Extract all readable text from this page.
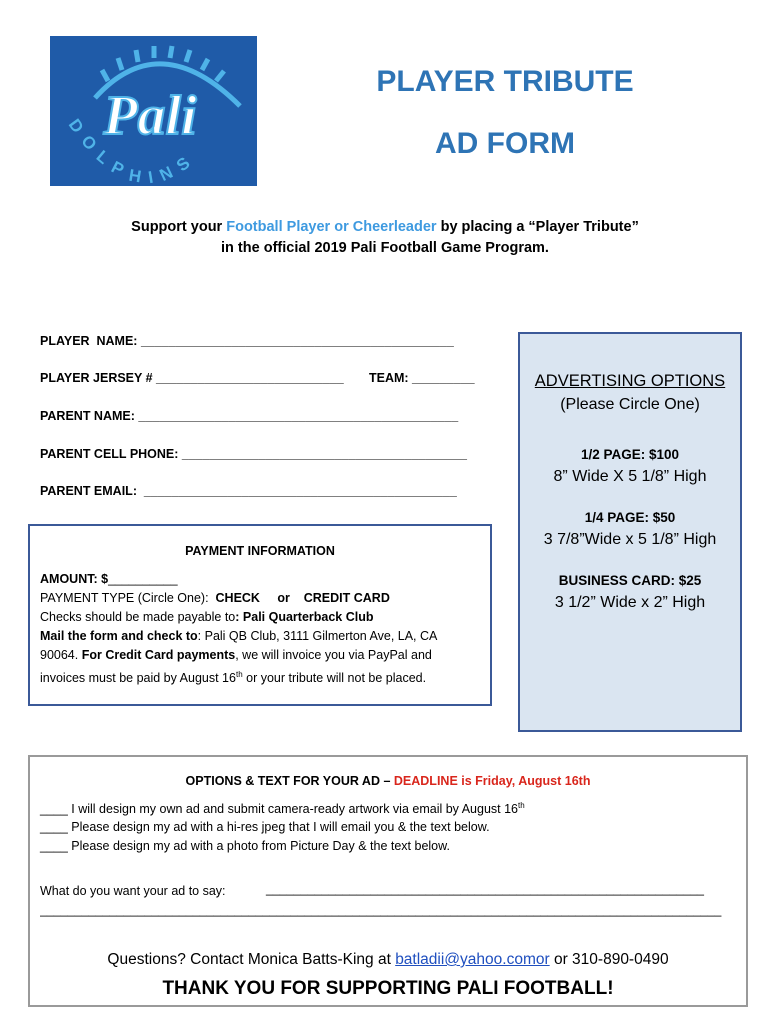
Pali
DOLPHINS
PLAYER TRIBUTE
AD FORM
Support your Football Player or Cheerleader by placing a “Player Tribute”
in the official 2019 Pali Football Game Program.
PLAYER  NAME: _____________________________________________
PLAYER JERSEY # ___________________________ TEAM: _________
PARENT NAME: ______________________________________________
PARENT CELL PHONE: _________________________________________
PARENT EMAIL:  _____________________________________________
PAYMENT INFORMATION
AMOUNT: $__________
PAYMENT TYPE (Circle One):  CHECK     or    CREDIT CARD
Checks should be made payable to: Pali Quarterback Club
Mail the form and check to: Pali QB Club, 3111 Gilmerton Ave, LA, CA
90064. For Credit Card payments, we will invoice you via PayPal and
invoices must be paid by August 16th or your tribute will not be placed.
ADVERTISING OPTIONS
(Please Circle One)
1/2 PAGE: $100
8” Wide X 5 1/8” High
1/4 PAGE: $50
3 7/8”Wide x 5 1/8” High
BUSINESS CARD: $25
3 1/2” Wide x 2” High
OPTIONS & TEXT FOR YOUR AD – DEADLINE is Friday, August 16th
____ I will design my own ad and submit camera-ready artwork via email by August 16th
____ Please design my ad with a hi-res jpeg that I will email you & the text below.
____ Please design my ad with a photo from Picture Day & the text below.
What do you want your ad to say:	_______________________________________________________________
__________________________________________________________________________________________________
Questions? Contact Monica Batts-King at batladii@yahoo.comor or 310-890-0490
THANK YOU FOR SUPPORTING PALI FOOTBALL!
